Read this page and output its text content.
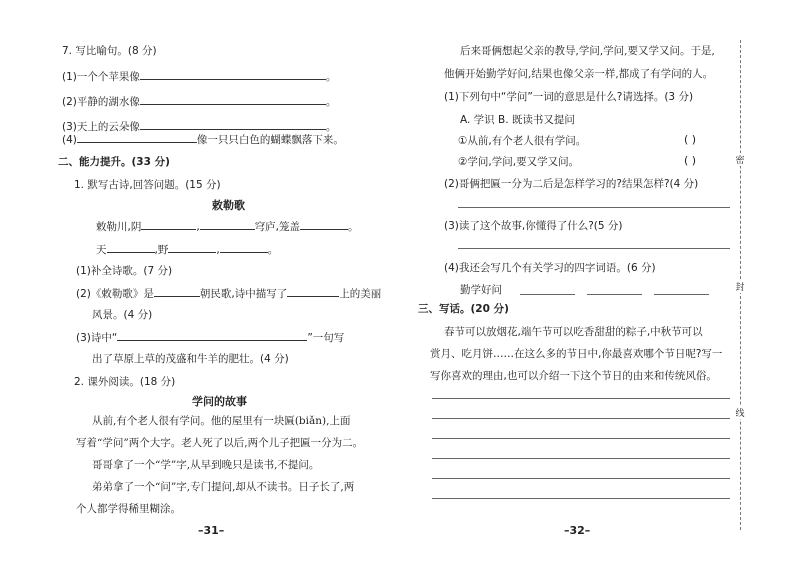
7. 写比喻句。(8 分)
(1)一个个苹果像	。
(2)平静的湖水像	。
(3)天上的云朵像	。
(4)	像一只只白色的蝴蝶飘落下来。
二、能力提升。(33 分)
1. 默写古诗,回答问题。(15 分)
敕勒歌
敕勒川,阴	,	穹庐,笼盖	。
天	,野	,	。
(1)补全诗歌。(7 分)
(2)《敕勒歌》是	朝民歌,诗中描写了	上的美丽
风景。(4 分)
(3)诗中“	”一句写
出了草原上草的茂盛和牛羊的肥壮。(4 分)
2. 课外阅读。(18 分)
学问的故事
从前,有个老人很有学问。他的屋里有一块匾(biǎn),上面
写着“学问”两个大字。老人死了以后,两个儿子把匾一分为二。
哥哥拿了一个“学”字,从早到晚只是读书,不提问。
弟弟拿了一个“问”字,专门提问,却从不读书。日子长了,两
个人都学得稀里糊涂。
–31–
后来哥俩想起父亲的教导,学问,学问,要又学又问。于是,
他俩开始勤学好问,结果也像父亲一样,都成了有学问的人。
(1)下列句中“学问”一词的意思是什么?请选择。(3 分)
A. 学识 B. 既读书又提问
①从前,有个老人很有学问。	( )
②学问,学问,要又学又问。	( )
(2)哥俩把匾一分为二后是怎样学习的?结果怎样?(4 分)
(3)读了这个故事,你懂得了什么?(5 分)
(4)我还会写几个有关学习的四字词语。(6 分)
勤学好问
三、写话。(20 分)
春节可以放烟花,端午节可以吃香甜甜的粽子,中秋节可以
赏月、吃月饼……在这么多的节日中,你最喜欢哪个节日呢?写一
写你喜欢的理由,也可以介绍一下这个节日的由来和传统风俗。
–32–
密
封
线
